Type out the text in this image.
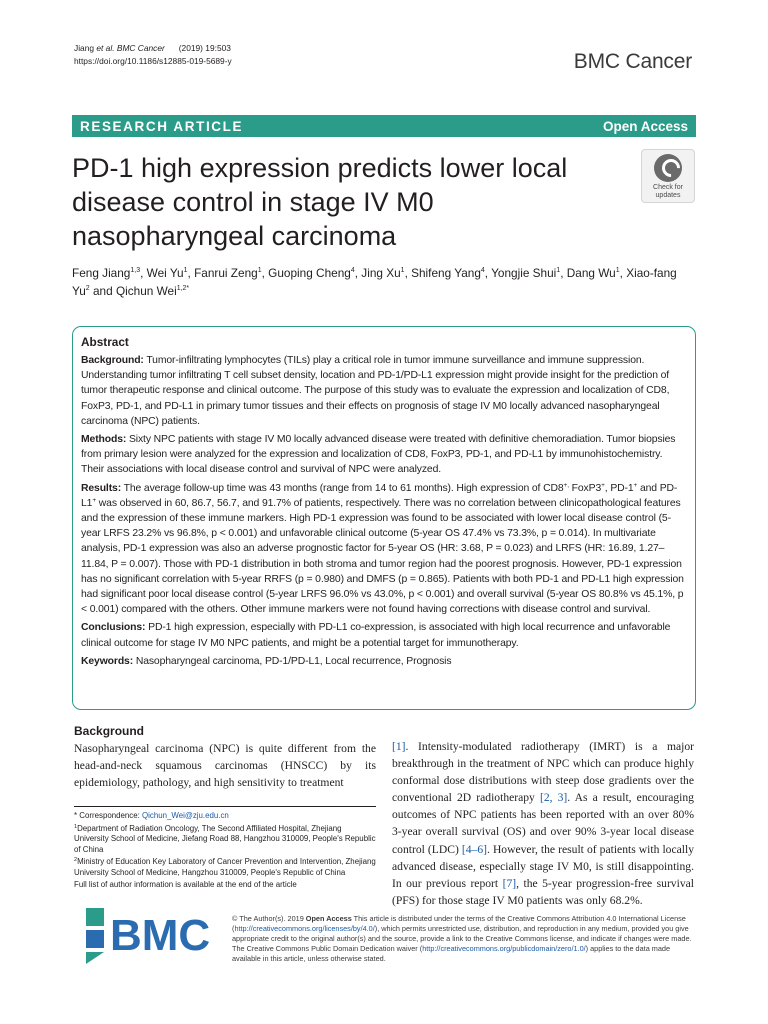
Jiang et al. BMC Cancer (2019) 19:503
https://doi.org/10.1186/s12885-019-5689-y	BMC Cancer
RESEARCH ARTICLE	Open Access
PD-1 high expression predicts lower local disease control in stage IV M0 nasopharyngeal carcinoma
Check for
updates
Feng Jiang$^{1,3}$, Wei Yu$^1$, Fanrui Zeng$^1$, Guoping Cheng$^4$, Jing Xu$^1$, Shifeng Yang$^4$, Yongjie Shui$^1$, Dang Wu$^1$, Xiao-fang Yu$^2$ and Qichun Wei$^{1,2*}$
Abstract

Background: Tumor-infiltrating lymphocytes (TILs) play a critical role in tumor immune surveillance and immune suppression. Understanding tumor infiltrating T cell subset density, location and PD-1/PD-L1 expression might provide insight for the prediction of tumor therapeutic response and clinical outcome. The purpose of this study was to evaluate the expression and localization of CD8, FoxP3, PD-1, and PD-L1 in primary tumor tissues and their effects on prognosis of stage IV M0 locally advanced nasopharyngeal carcinoma (NPC) patients.

Methods: Sixty NPC patients with stage IV M0 locally advanced disease were treated with definitive chemoradiation. Tumor biopsies from primary lesion were analyzed for the expression and localization of CD8, FoxP3, PD-1, and PD-L1 by immunohistochemistry. Their associations with local disease control and survival of NPC were analyzed.

Results: The average follow-up time was 43 months (range from 14 to 61 months). High expression of CD8+, FoxP3+, PD-1+ and PD-L1+ was observed in 60, 86.7, 56.7, and 91.7% of patients, respectively. There was no correlation between clinicopathological features and the expression of these immune markers. High PD-1 expression was found to be associated with lower local disease control (5-year LRFS 23.2% vs 96.8%, p < 0.001) and unfavorable clinical outcome (5-year OS 47.4% vs 73.3%, p = 0.014). In multivariate analysis, PD-1 expression was also an adverse prognostic factor for 5-year OS (HR: 3.68, P = 0.023) and LRFS (HR: 16.89, 1.27–11.84, P = 0.007). Those with PD-1 distribution in both stroma and tumor region had the poorest prognosis. However, PD-1 expression has no significant correlation with 5-year RRFS (p = 0.980) and DMFS (p = 0.865). Patients with both PD-1 and PD-L1 high expression had significant poor local disease control (5-year LRFS 96.0% vs 43.0%, p < 0.001) and overall survival (5-year OS 80.8% vs 45.1%, p < 0.001) compared with the others. Other immune markers were not found having corrections with disease control and survival.

Conclusions: PD-1 high expression, especially with PD-L1 co-expression, is associated with high local recurrence and unfavorable clinical outcome for stage IV M0 NPC patients, and might be a potential target for immunotherapy.

Keywords: Nasopharyngeal carcinoma, PD-1/PD-L1, Local recurrence, Prognosis

Background
Nasopharyngeal carcinoma (NPC) is quite different from the head-and-neck squamous carcinomas (HNSCC) by its epidemiology, pathology, and high sensitivity to treatment
[1]. Intensity-modulated radiotherapy (IMRT) is a major breakthrough in the treatment of NPC which can produce highly conformal dose distributions with steep dose gradients over the conventional 2D radiotherapy [2, 3]. As a result, encouraging outcomes of NPC patients has been reported with an over 80% 3-year overall survival (OS) and over 90% 3-year local disease control (LDC) [4–6]. However, the result of patients with locally advanced disease, especially stage IV M0, is still disappointing. In our previous report [7], the 5-year progression-free survival (PFS) for those stage IV M0 patients was only 68.2%.

* Correspondence: Qichun_Wei@zju.edu.cn

$^1$Department of Radiation Oncology, The Second Affiliated Hospital, Zhejiang University School of Medicine, Jiefang Road 88, Hangzhou 310009, People's Republic of China

$^2$Ministry of Education Key Laboratory of Cancer Prevention and Intervention, Zhejiang University School of Medicine, Hangzhou 310009, People's Republic of China

Full list of author information is available at the end of the article

BMC	© The Author(s). 2019 Open Access This article is distributed under the terms of the Creative Commons Attribution 4.0 International License (http://creativecommons.org/licenses/by/4.0/), which permits unrestricted use, distribution, and reproduction in any medium, provided you give appropriate credit to the original author(s) and the source, provide a link to the Creative Commons license, and indicate if changes were made. The Creative Commons Public Domain Dedication waiver (http://creativecommons.org/publicdomain/zero/1.0/) applies to the data made available in this article, unless otherwise stated.
